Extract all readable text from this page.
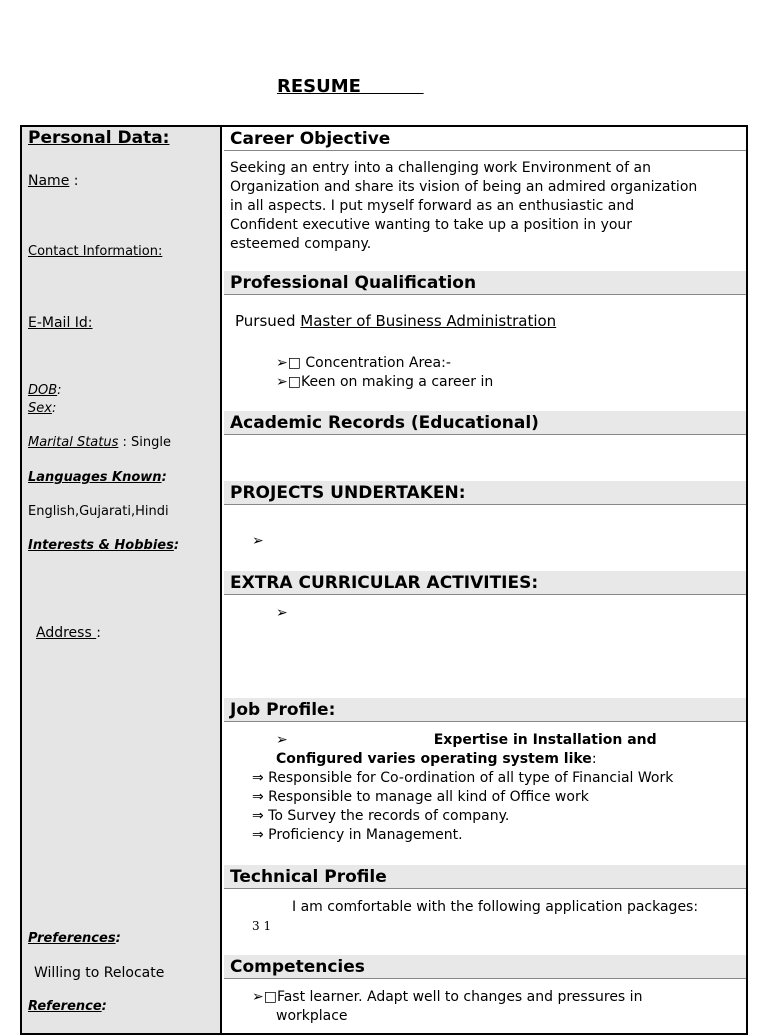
RESUME
Personal Data:
Name :
Contact Information:
E-Mail Id:
DOB:
Sex:
Marital Status : Single
Languages Known:
English,Gujarati,Hindi
Interests & Hobbies:
Address :
Preferences:
Willing to Relocate
Reference:
Career Objective
Seeking an entry into a challenging work Environment of an
Organization and share its vision of being an admired organization
in all aspects. I put myself forward as an enthusiastic and
Confident executive wanting to take up a position in your
esteemed company.
Professional Qualification
Pursued Master of Business Administration
➢□ Concentration Area:-
➢□Keen on making a career in
Academic Records (Educational)
PROJECTS UNDERTAKEN:
➢
EXTRA CURRICULAR ACTIVITIES:
➢
Job Profile:
➢	Expertise in Installation and
Configured varies operating system like:
⇒ Responsible for Co-ordination of all type of Financial Work
⇒ Responsible to manage all kind of Office work
⇒ To Survey the records of company.
⇒ Proficiency in Management.
Technical Profile
I am comfortable with the following application packages:
3 1
Competencies
➢□Fast learner. Adapt well to changes and pressures in
workplace
